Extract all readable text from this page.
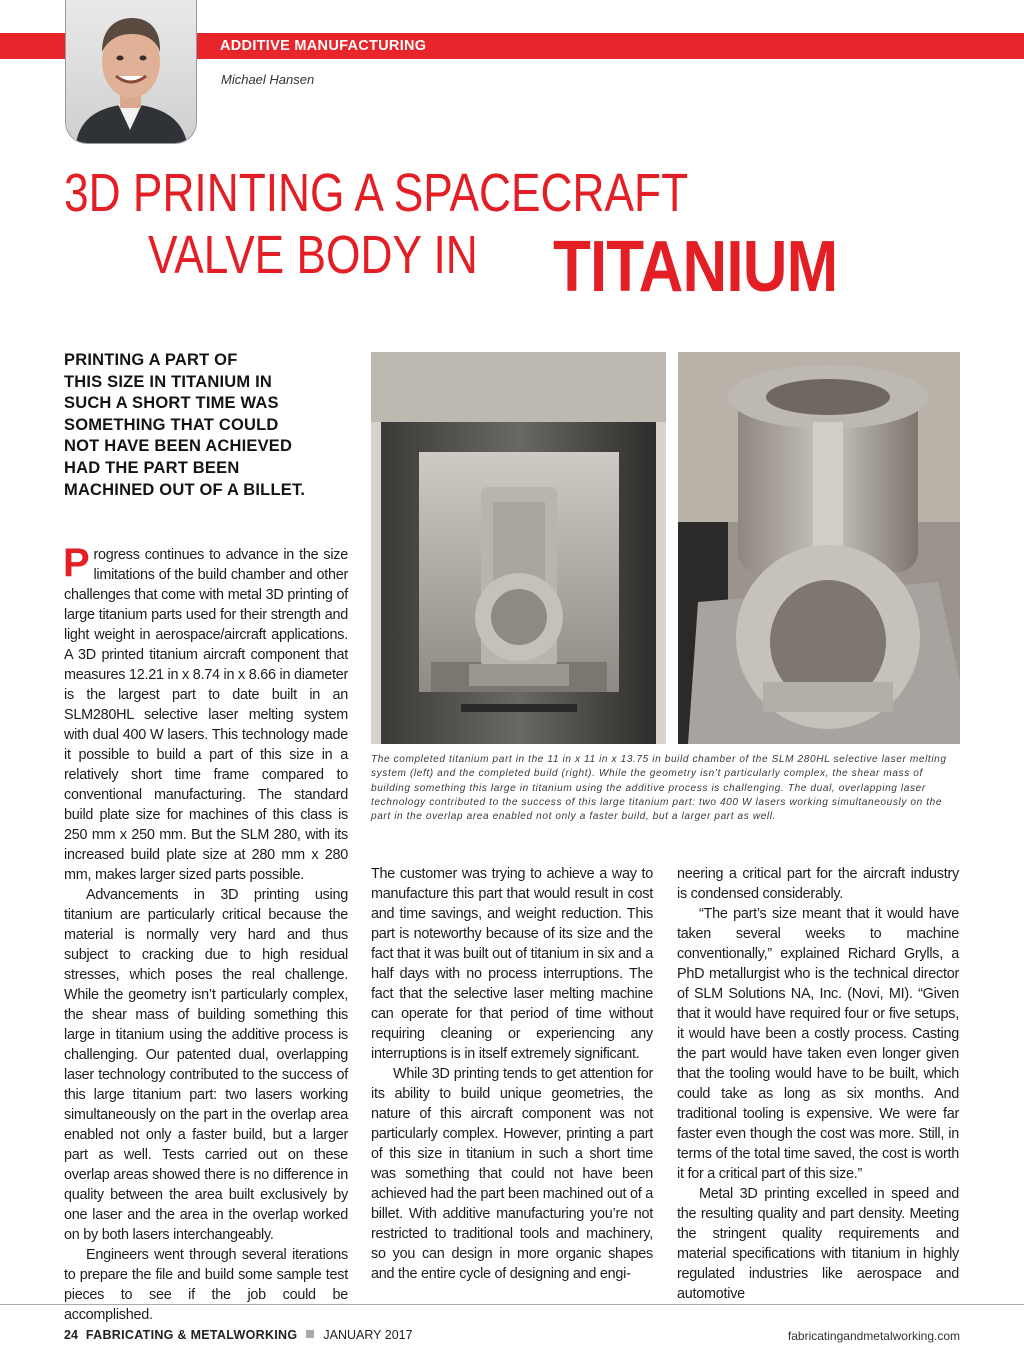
ADDITIVE MANUFACTURING
Michael Hansen
3D PRINTING A SPACECRAFT
VALVE BODY IN TITANIUM
PRINTING A PART OF
THIS SIZE IN TITANIUM IN
SUCH A SHORT TIME WAS
SOMETHING THAT COULD
NOT HAVE BEEN ACHIEVED
HAD THE PART BEEN
MACHINED OUT OF A BILLET.
The completed titanium part in the 11 in x 11 in x 13.75 in build chamber of the SLM 280HL selective laser melting system (left) and the completed build (right). While the geometry isn’t particularly complex, the shear mass of building something this large in titanium using the additive process is challenging. The dual, overlapping laser technology contributed to the success of this large titanium part: two 400 W lasers working simultaneously on the part in the overlap area enabled not only a faster build, but a larger part as well.

Progress continues to advance in the size limitations of the build chamber and other challenges that come with metal 3D printing of large titanium parts used for their strength and light weight in aerospace/aircraft applications. A 3D printed titanium aircraft component that measures 12.21 in x 8.74 in x 8.66 in diameter is the largest part to date built in an SLM280HL selective laser melting system with dual 400 W lasers. This technology made it possible to build a part of this size in a relatively short time frame compared to conventional manufacturing. The standard build plate size for machines of this class is 250 mm x 250 mm. But the SLM 280, with its increased build plate size at 280 mm x 280 mm, makes larger sized parts possible.

Advancements in 3D printing using titanium are particularly critical because the material is normally very hard and thus subject to cracking due to high residual stresses, which poses the real challenge. While the geometry isn’t particularly complex, the shear mass of building something this large in titanium using the additive process is challenging. Our patented dual, overlapping laser technology contributed to the success of this large titanium part: two lasers working simultaneously on the part in the overlap area enabled not only a faster build, but a larger part as well. Tests carried out on these overlap areas showed there is no difference in quality between the area built exclusively by one laser and the area in the overlap worked on by both lasers interchangeably.

Engineers went through several iterations to prepare the file and build some sample test pieces to see if the job could be accomplished.

The customer was trying to achieve a way to manufacture this part that would result in cost and time savings, and weight reduction. This part is noteworthy because of its size and the fact that it was built out of titanium in six and a half days with no process interruptions. The fact that the selective laser melting machine can operate for that period of time without requiring cleaning or experiencing any interruptions is in itself extremely significant.

While 3D printing tends to get attention for its ability to build unique geometries, the nature of this aircraft component was not particularly complex. However, printing a part of this size in titanium in such a short time was something that could not have been achieved had the part been machined out of a billet. With additive manufacturing you’re not restricted to traditional tools and machinery, so you can design in more organic shapes and the entire cycle of designing and engi-

neering a critical part for the aircraft industry is condensed considerably.

“The part’s size meant that it would have taken several weeks to machine conventionally,” explained Richard Grylls, a PhD metallurgist who is the technical director of SLM Solutions NA, Inc. (Novi, MI). “Given that it would have required four or five setups, it would have been a costly process. Casting the part would have taken even longer given that the tooling would have to be built, which could take as long as six months. And traditional tooling is expensive. We were far faster even though the cost was more. Still, in terms of the total time saved, the cost is worth it for a critical part of this size.”

Metal 3D printing excelled in speed and the resulting quality and part density. Meeting the stringent quality requirements and material specifications with titanium in highly regulated industries like aerospace and automotive

24 FABRICATING & METALWORKING JANUARY 2017	fabricatingandmetalworking.com
